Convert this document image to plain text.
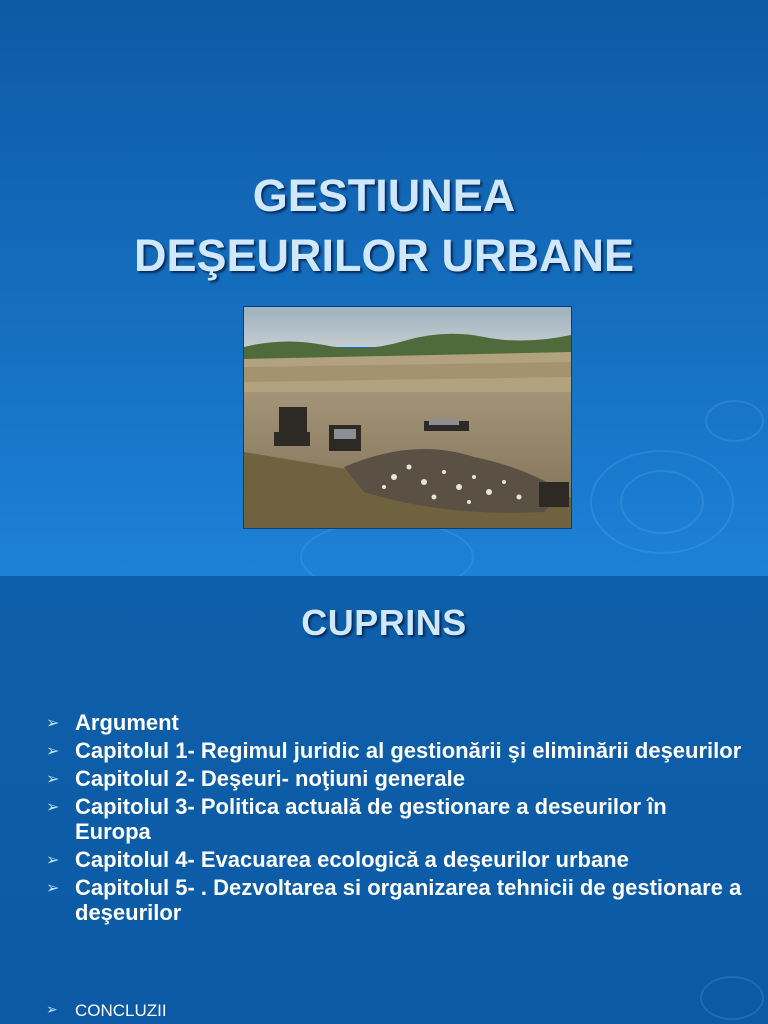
GESTIUNEA
DEŞEURILOR URBANE
CUPRINS
➢ Argument
➢ Capitolul 1- Regimul juridic al gestionării şi eliminării deşeurilor
➢ Capitolul 2- Deşeuri- noţiuni generale
➢ Capitolul 3- Politica actuală de gestionare a deseurilor în Europa
➢ Capitolul 4- Evacuarea ecologică a deşeurilor urbane
➢ Capitolul 5- . Dezvoltarea si organizarea tehnicii de gestionare a deşeurilor
➢ CONCLUZII
